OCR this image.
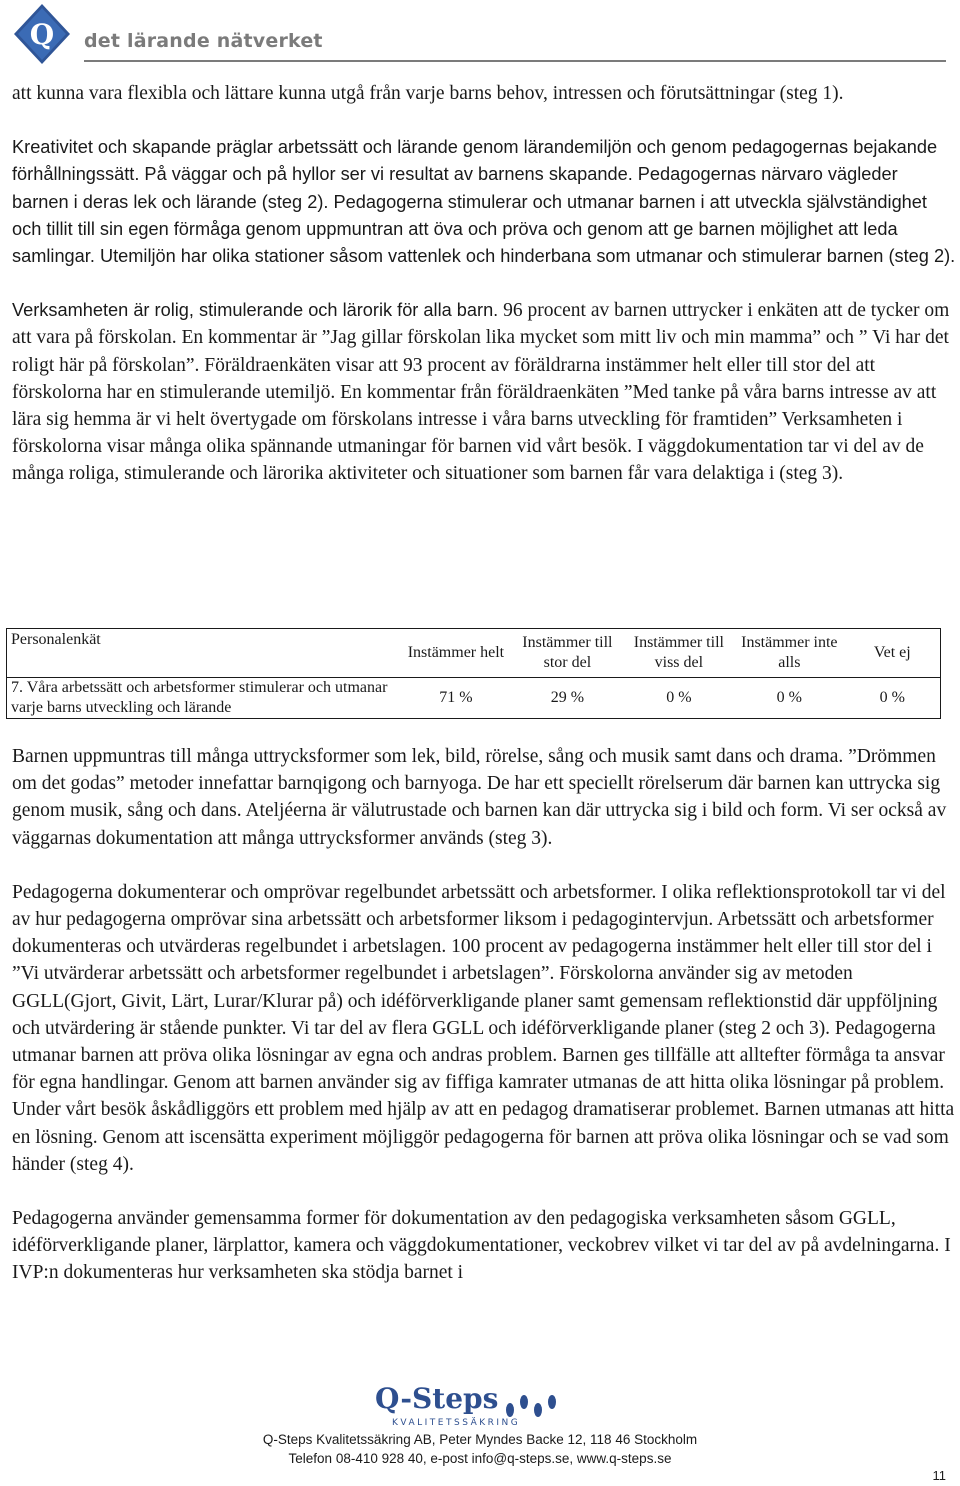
Q det lärande nätverket

att kunna vara flexibla och lättare kunna utgå från varje barns behov, intressen och förutsättningar (steg 1).

Kreativitet och skapande präglar arbetssätt och lärande genom lärandemiljön och genom pedagogernas bejakande förhållningssätt. På väggar och på hyllor ser vi resultat av barnens skapande. Pedagogernas närvaro vägleder barnen i deras lek och lärande (steg 2). Pedagogerna stimulerar och utmanar barnen i att utveckla självständighet och tillit till sin egen förmåga genom uppmuntran att öva och pröva och genom att ge barnen möjlighet att leda samlingar. Utemiljön har olika stationer såsom vattenlek och hinderbana som utmanar och stimulerar barnen (steg 2).

Verksamheten är rolig, stimulerande och lärorik för alla barn. 96 procent av barnen uttrycker i enkäten att de tycker om att vara på förskolan. En kommentar är ”Jag gillar förskolan lika mycket som mitt liv och min mamma” och ” Vi har det roligt här på förskolan”. Föräldraenkäten visar att 93 procent av föräldrarna instämmer helt eller till stor del att förskolorna har en stimulerande utemiljö. En kommentar från föräldraenkäten ”Med tanke på våra barns intresse av att lära sig hemma är vi helt övertygade om förskolans intresse i våra barns utveckling för framtiden” Verksamheten i förskolorna visar många olika spännande utmaningar för barnen vid vårt besök. I väggdokumentation tar vi del av de många roliga, stimulerande och lärorika aktiviteter och situationer som barnen får vara delaktiga i (steg 3).

Personalenkät	Instämmer helt	Instämmer till stor del	Instämmer till viss del	Instämmer inte alls	Vet ej
7. Våra arbetssätt och arbetsformer stimulerar och utmanar varje barns utveckling och lärande	71 %	29 %	0 %	0 %	0 %

Barnen uppmuntras till många uttrycksformer som lek, bild, rörelse, sång och musik samt dans och drama. ”Drömmen om det godas” metoder innefattar barnqigong och barnyoga. De har ett speciellt rörelserum där barnen kan uttrycka sig genom musik, sång och dans. Ateljéerna är välutrustade och barnen kan där uttrycka sig i bild och form. Vi ser också av väggarnas dokumentation att många uttrycksformer används (steg 3).

Pedagogerna dokumenterar och omprövar regelbundet arbetssätt och arbetsformer. I olika reflektionsprotokoll tar vi del av hur pedagogerna omprövar sina arbetssätt och arbetsformer liksom i pedagogintervjun. Arbetssätt och arbetsformer dokumenteras och utvärderas regelbundet i arbetslagen. 100 procent av pedagogerna instämmer helt eller till stor del i ”Vi utvärderar arbetssätt och arbetsformer regelbundet i arbetslagen”. Förskolorna använder sig av metoden GGLL(Gjort, Givit, Lärt, Lurar/Klurar på) och idéförverkligande planer samt gemensam reflektionstid där uppföljning och utvärdering är stående punkter. Vi tar del av flera GGLL och idéförverkligande planer (steg 2 och 3). Pedagogerna utmanar barnen att pröva olika lösningar av egna och andras problem. Barnen ges tillfälle att alltefter förmåga ta ansvar för egna handlingar. Genom att barnen använder sig av fiffiga kamrater utmanas de att hitta olika lösningar på problem. Under vårt besök åskådliggörs ett problem med hjälp av att en pedagog dramatiserar problemet. Barnen utmanas att hitta en lösning. Genom att iscensätta experiment möjliggör pedagogerna för barnen att pröva olika lösningar och se vad som händer (steg 4).

Pedagogerna använder gemensamma former för dokumentation av den pedagogiska verksamheten såsom GGLL, idéförverkligande planer, lärplattor, kamera och väggdokumentationer, veckobrev vilket vi tar del av på avdelningarna. I IVP:n dokumenteras hur verksamheten ska stödja barnet i

Q-Steps
KVALITETSSÄKRING
Q-Steps Kvalitetssäkring AB, Peter Myndes Backe 12, 118 46 Stockholm
Telefon 08-410 928 40, e-post info@q-steps.se, www.q-steps.se
11
